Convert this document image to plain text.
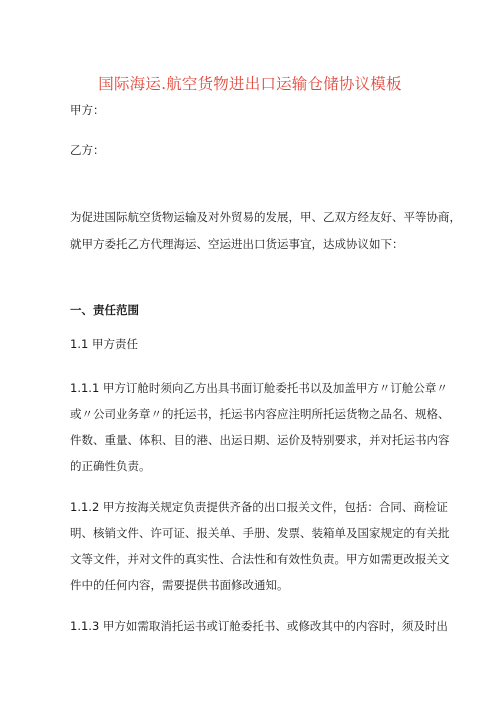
国际海运.航空货物进出口运输仓储协议模板
甲方：
乙方：
为促进国际航空货物运输及对外贸易的发展，甲、乙双方经友好、平等协商，
就甲方委托乙方代理海运、空运进出口货运事宜，达成协议如下：
一、责任范围
1.1 甲方责任
1.1.1 甲方订舱时须向乙方出具书面订舱委托书以及加盖甲方〃订舱公章〃
或〃公司业务章〃的托运书，托运书内容应注明所托运货物之品名、规格、
件数、重量、体积、目的港、出运日期、运价及特别要求，并对托运书内容
的正确性负责。
1.1.2 甲方按海关规定负责提供齐备的出口报关文件，包括：合同、商检证
明、核销文件、许可证、报关单、手册、发票、装箱单及国家规定的有关批
文等文件，并对文件的真实性、合法性和有效性负责。甲方如需更改报关文
件中的任何内容，需要提供书面修改通知。
1.1.3 甲方如需取消托运书或订舱委托书、或修改其中的内容时，须及时出
